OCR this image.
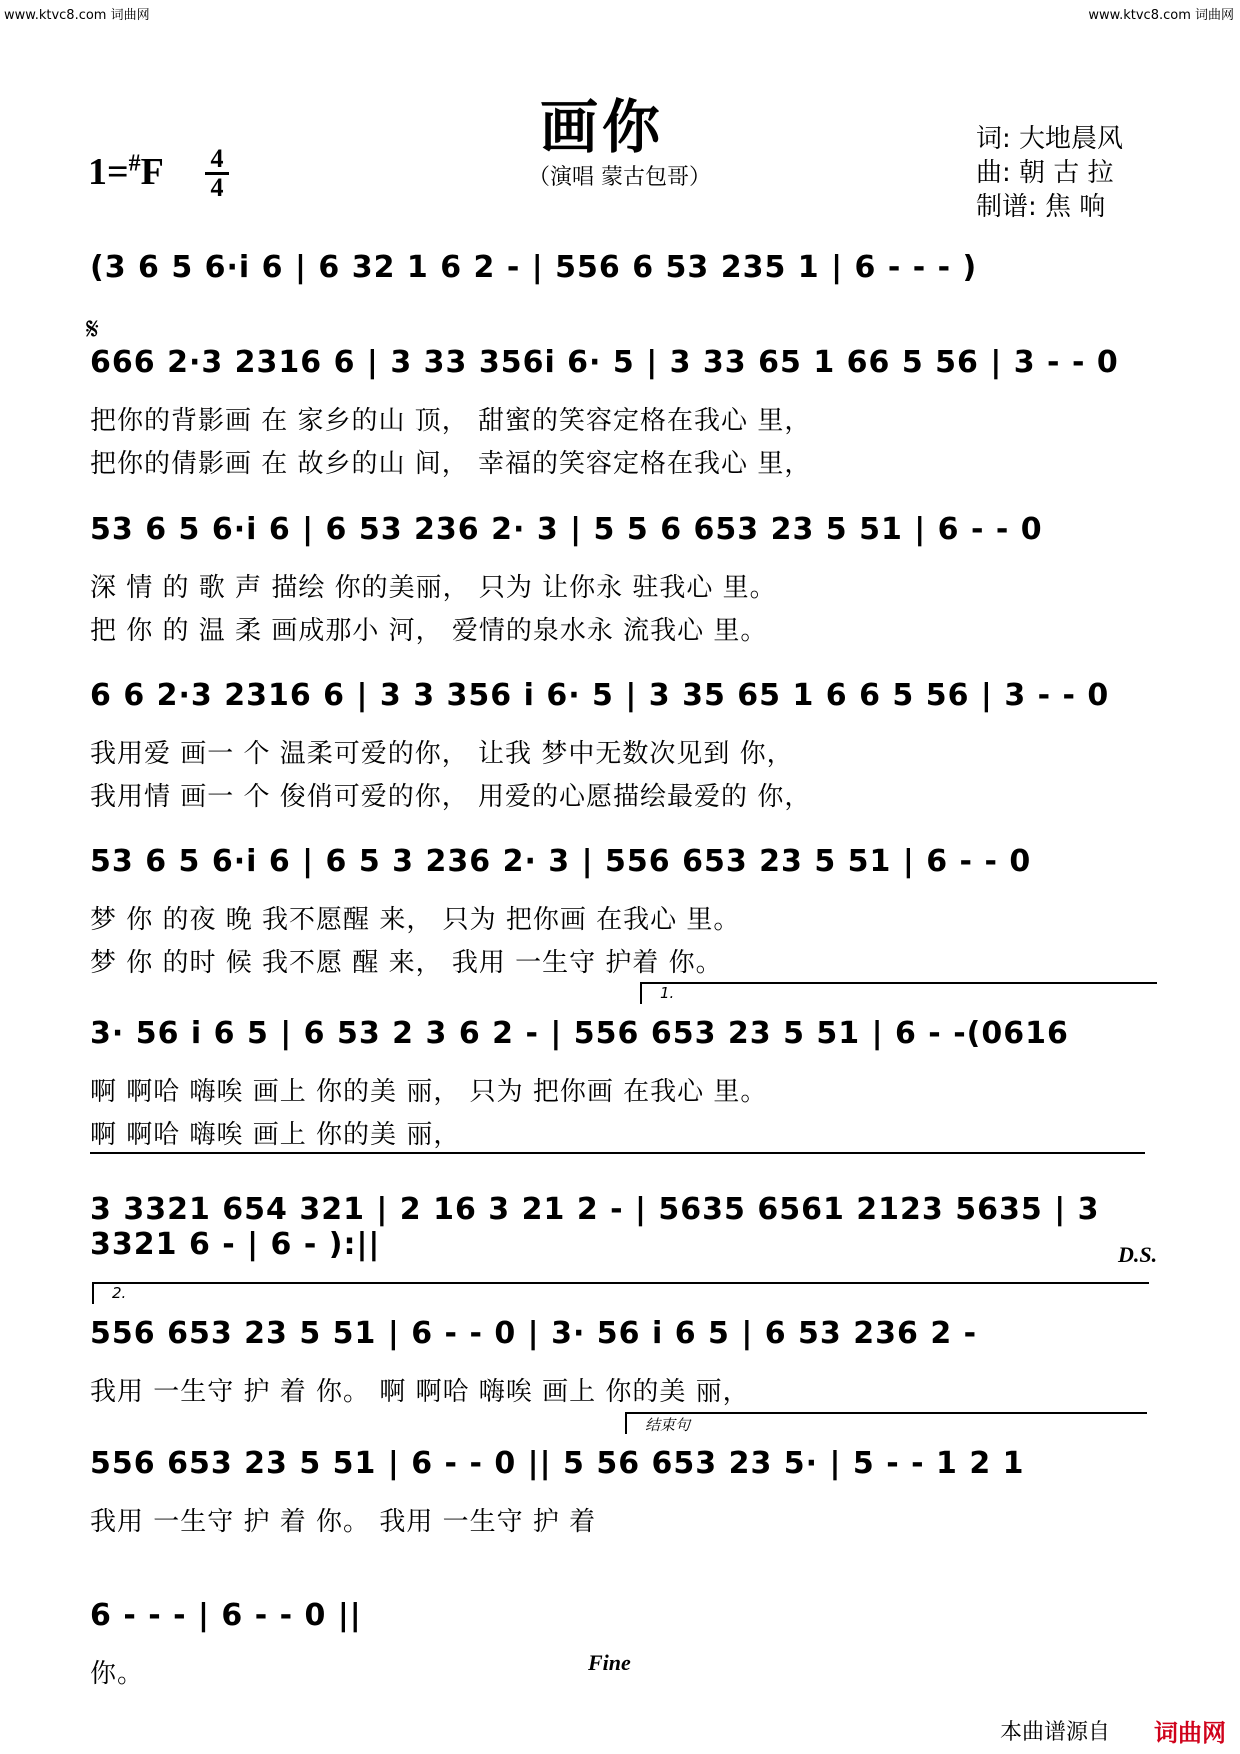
www.ktvc8.com 词曲网	www.ktvc8.com 词曲网
画你
（演唱 蒙古包哥）
1=#F 4
4
词: 大地晨风
曲: 朝 古 拉
制谱: 焦 响
𝄋
(3 6 5 6·i 6 | 6 32 1 6 2 - | 556 6 53 235 1 | 6 - - - )
666 2·3 2316 6 | 3 33 356i 6· 5 | 3 33 65 1 66 5 56 | 3 - - 0
把你的背影画 在 家乡的山 顶， 甜蜜的笑容定格在我心 里，
把你的倩影画 在 故乡的山 间， 幸福的笑容定格在我心 里，
53 6 5 6·i 6 | 6 53 236 2· 3 | 5 5 6 653 23 5 51 | 6 - - 0
深 情 的 歌 声 描绘 你的美丽， 只为 让你永 驻我心 里。
把 你 的 温 柔 画成那小 河， 爱情的泉水永 流我心 里。
6 6 2·3 2316 6 | 3 3 356 i 6· 5 | 3 35 65 1 6 6 5 56 | 3 - - 0
我用爱 画一 个 温柔可爱的你， 让我 梦中无数次见到 你，
我用情 画一 个 俊俏可爱的你， 用爱的心愿描绘最爱的 你，
53 6 5 6·i 6 | 6 5 3 236 2· 3 | 556 653 23 5 51 | 6 - - 0
梦 你 的夜 晚 我不愿醒 来， 只为 把你画 在我心 里。
梦 你 的时 候 我不愿 醒 来， 我用 一生守 护着 你。
1.
3· 56 i 6 5 | 6 53 2 3 6 2 - | 556 653 23 5 51 | 6 - -(0616
啊 啊哈 嗨唉 画上 你的美 丽， 只为 把你画 在我心 里。
啊 啊哈 嗨唉 画上 你的美 丽，
3 3321 654 321 | 2 16 3 21 2 - | 5635 6561 2123 5635 | 3 3321 6 - | 6 - ):||	D.S.
2.
556 653 23 5 51 | 6 - - 0 | 3· 56 i 6 5 | 6 53 236 2 -
我用 一生守 护 着 你。 啊 啊哈 嗨唉 画上 你的美 丽，
结束句
556 653 23 5 51 | 6 - - 0 || 5 56 653 23 5· | 5 - - 1 2 1
我用 一生守 护 着 你。 我用 一生守 护 着
6 - - - | 6 - - 0 ||
你。	Fine
本曲谱源自 词曲网
